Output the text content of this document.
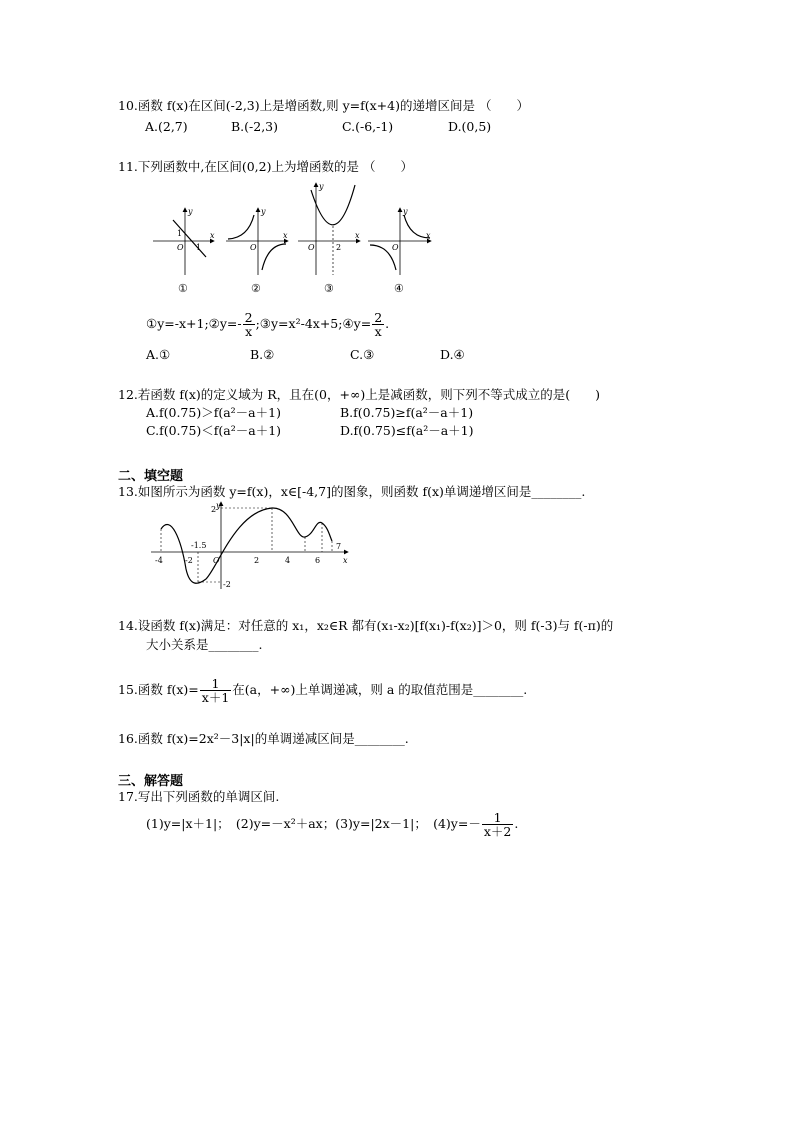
10.函数 f(x)在区间(-2,3)上是增函数,则 y=f(x+4)的递增区间是 （　　）
A.(2,7)	B.(-2,3)	C.(-6,-1)	D.(0,5)
11.下列函数中,在区间(0,2)上为增函数的是 （　　）
y
x
1
O 1
y
x
O
y
x
O	2
y
x
O
①	②	③	④
①y=-x+1;②y=- $\frac{2}{x}$ ;③y=x²-4x+5;④y= $\frac{2}{x}$ .
A.①	B.②	C.③	D.④
12.若函数 f(x)的定义域为 R，且在(0，+∞)上是减函数，则下列不等式成立的是(　　)
A.f(0.75)＞f(a²－a＋1)	B.f(0.75)≥f(a²－a＋1)
C.f(0.75)＜f(a²－a＋1)	D.f(0.75)≤f(a²－a＋1)
二、填空题
13.如图所示为函数 y=f(x)，x∈[-4,7]的图象，则函数 f(x)单调递增区间是________.
y
x
2
-2
-1.5
-4	-2	O	2	4	6
7
14.设函数 f(x)满足：对任意的 x₁，x₂∈R 都有(x₁-x₂)[f(x₁)-f(x₂)]＞0，则 f(-3)与 f(-π)的
大小关系是________.
15.函数 $f(x)= \frac{1}{x+1}$ 在(a，+∞)上单调递减，则 a 的取值范围是________.
16.函数 f(x)=2x²－3|x|的单调递减区间是________.
三、解答题
17.写出下列函数的单调区间.
(1)y=|x＋1|；　(2)y=－x²＋ax；(3)y=|2x－1|；　$(4)y=- \frac{1}{x+2}$ .
